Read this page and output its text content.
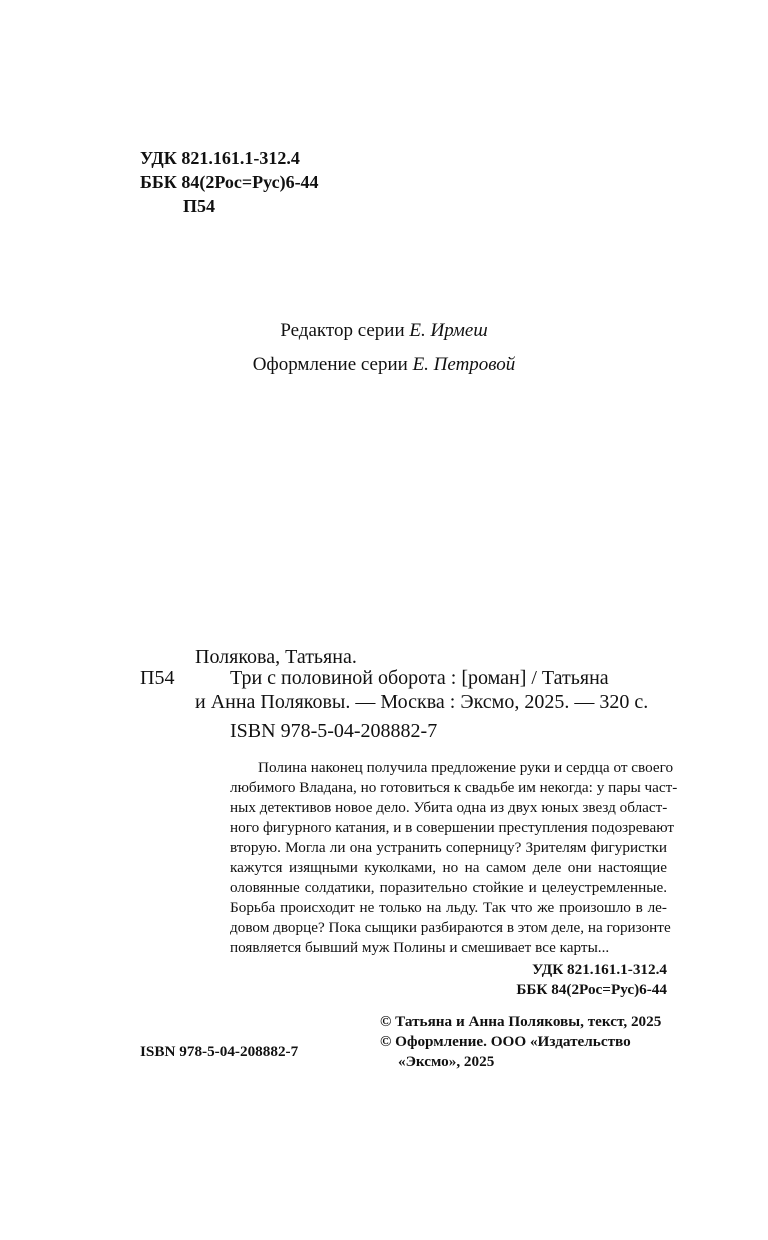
УДК 821.161.1-312.4
ББК 84(2Рос=Рус)6-44
П54
Редактор серии Е. Ирмеш
Оформление серии Е. Петровой
Полякова, Татьяна.
П54	Три с половиной оборота : [роман] / Татьяна
и Анна Поляковы. — Москва : Эксмо, 2025. — 320 с.
ISBN 978-5-04-208882-7
Полина наконец получила предложение руки и сердца от своего
любимого Владана, но готовиться к свадьбе им некогда: у пары част-
ных детективов новое дело. Убита одна из двух юных звезд област-
ного фигурного катания, и в совершении преступления подозревают
вторую. Могла ли она устранить соперницу? Зрителям фигуристки
кажутся изящными куколками, но на самом деле они настоящие
оловянные солдатики, поразительно стойкие и целеустремленные.
Борьба происходит не только на льду. Так что же произошло в ле-
довом дворце? Пока сыщики разбираются в этом деле, на горизонте
появляется бывший муж Полины и смешивает все карты...
УДК 821.161.1-312.4
ББК 84(2Рос=Рус)6-44
© Татьяна и Анна Поляковы, текст, 2025
© Оформление. ООО «Издательство
«Эксмо», 2025
ISBN 978-5-04-208882-7
